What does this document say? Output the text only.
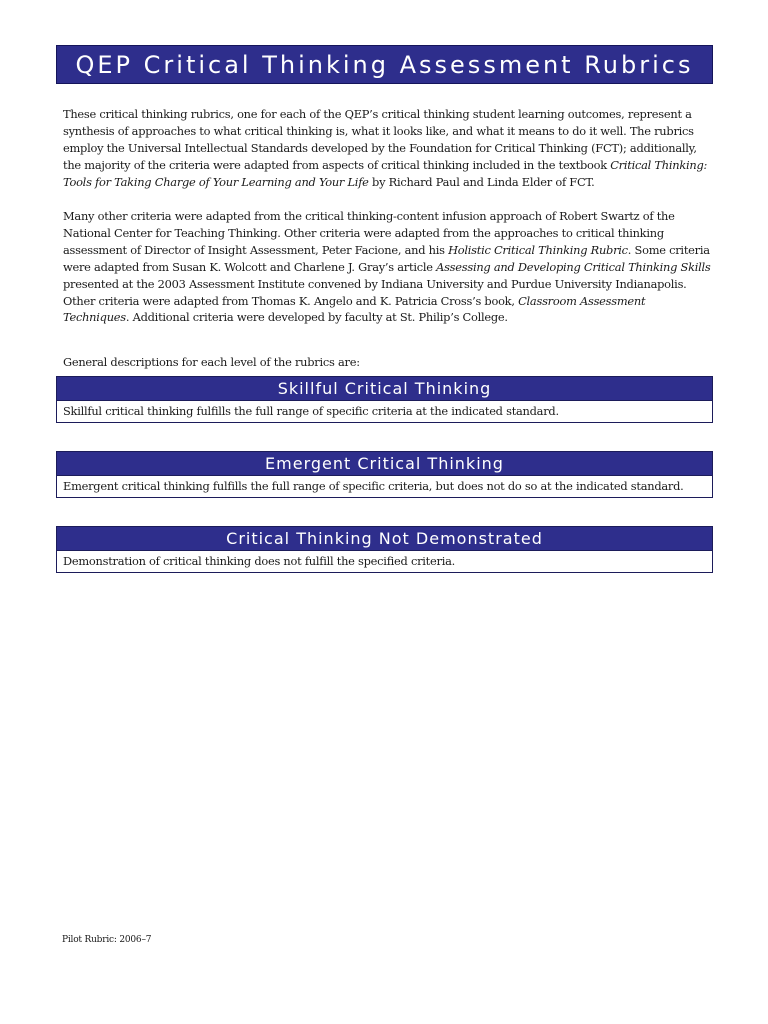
QEP Critical Thinking Assessment Rubrics

These critical thinking rubrics, one for each of the QEP’s critical thinking student learning outcomes, represent a synthesis of approaches to what critical thinking is, what it looks like, and what it means to do it well. The rubrics employ the Universal Intellectual Standards developed by the Foundation for Critical Thinking (FCT); additionally, the majority of the criteria were adapted from aspects of critical thinking included in the textbook Critical Thinking: Tools for Taking Charge of Your Learning and Your Life by Richard Paul and Linda Elder of FCT.

Many other criteria were adapted from the critical thinking-content infusion approach of Robert Swartz of the National Center for Teaching Thinking. Other criteria were adapted from the approaches to critical thinking assessment of Director of Insight Assessment, Peter Facione, and his Holistic Critical Thinking Rubric. Some criteria were adapted from Susan K. Wolcott and Charlene J. Gray’s article Assessing and Developing Critical Thinking Skills presented at the 2003 Assessment Institute convened by Indiana University and Purdue University Indianapolis. Other criteria were adapted from Thomas K. Angelo and K. Patricia Cross’s book, Classroom Assessment Techniques. Additional criteria were developed by faculty at St. Philip’s College.

General descriptions for each level of the rubrics are:

Skillful Critical Thinking
Skillful critical thinking fulfills the full range of specific criteria at the indicated standard.
Emergent Critical Thinking
Emergent critical thinking fulfills the full range of specific criteria, but does not do so at the indicated standard.
Critical Thinking Not Demonstrated
Demonstration of critical thinking does not fulfill the specified criteria.
Pilot Rubric: 2006–7
